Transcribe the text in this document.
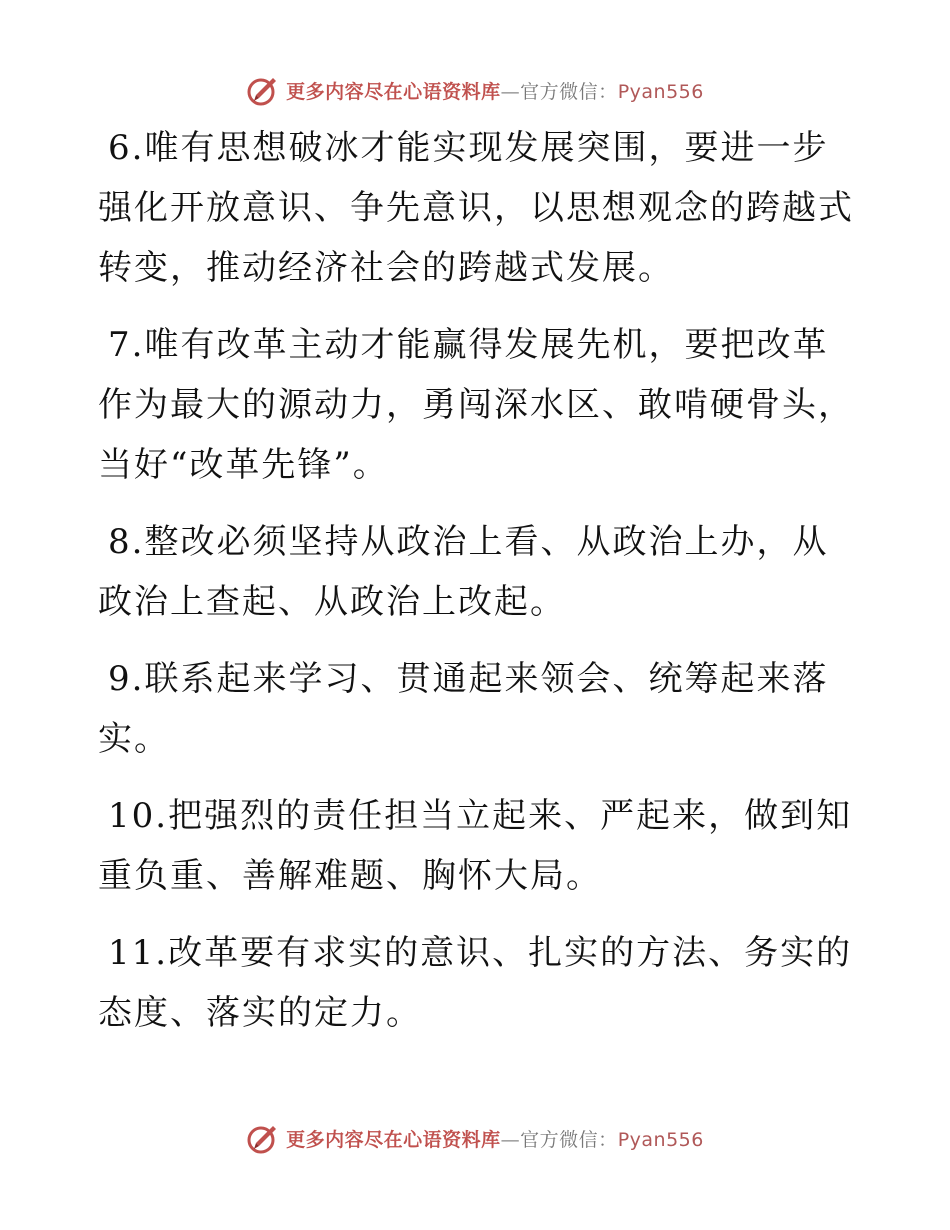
更多内容尽在心语资料库—官方微信：Pyan556

6.唯有思想破冰才能实现发展突围，要进一步强化开放意识、争先意识，以思想观念的跨越式转变，推动经济社会的跨越式发展。

7.唯有改革主动才能赢得发展先机，要把改革作为最大的源动力，勇闯深水区、敢啃硬骨头，当好“改革先锋”。

8.整改必须坚持从政治上看、从政治上办，从政治上查起、从政治上改起。

9.联系起来学习、贯通起来领会、统筹起来落实。

10.把强烈的责任担当立起来、严起来，做到知重负重、善解难题、胸怀大局。

11.改革要有求实的意识、扎实的方法、务实的态度、落实的定力。

更多内容尽在心语资料库—官方微信：Pyan556
